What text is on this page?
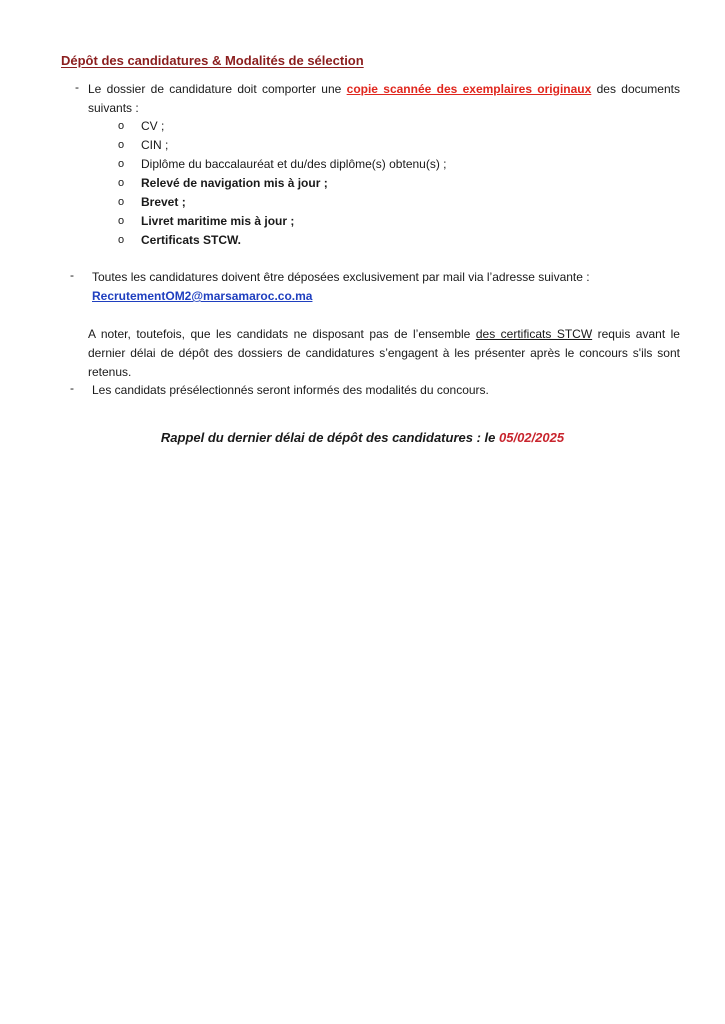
Dépôt des candidatures & Modalités de sélection
- Le dossier de candidature doit comporter une copie scannée des exemplaires originaux des documents suivants :
o CV ;
o CIN ;
o Diplôme du baccalauréat et du/des diplôme(s) obtenu(s) ;
o Relevé de navigation mis à jour ;
o Brevet ;
o Livret maritime mis à jour ;
o Certificats STCW.
- Toutes les candidatures doivent être déposées exclusivement par mail via l’adresse suivante :
RecrutementOM2@marsamaroc.co.ma
A noter, toutefois, que les candidats ne disposant pas de l’ensemble des certificats STCW requis avant le dernier délai de dépôt des dossiers de candidatures s’engagent à les présenter après le concours s'ils sont retenus.
- Les candidats présélectionnés seront informés des modalités du concours.
Rappel du dernier délai de dépôt des candidatures : le 05/02/2025
